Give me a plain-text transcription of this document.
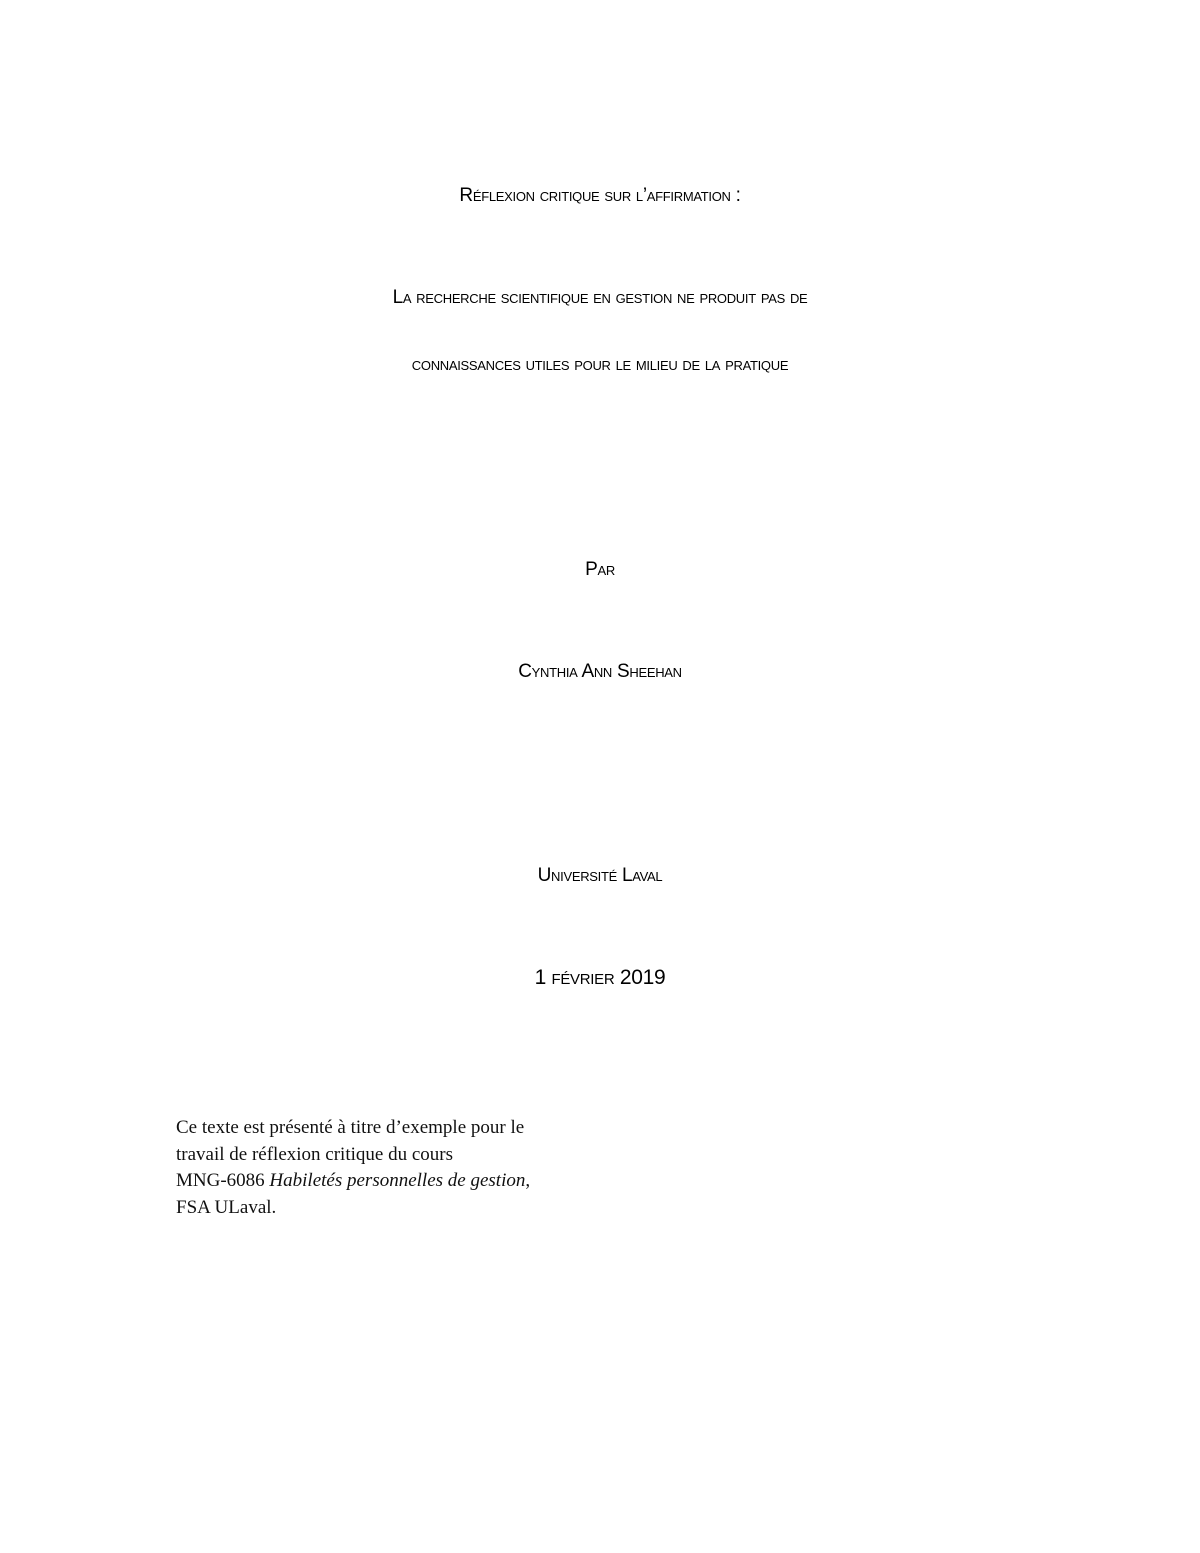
Réflexion critique sur l’affirmation :
La recherche scientifique en gestion ne produit pas de
connaissances utiles pour le milieu de la pratique
Par
Cynthia Ann Sheehan
Université Laval
1 février 2019
Ce texte est présenté à titre d’exemple pour le
travail de réflexion critique du cours
MNG-6086 Habiletés personnelles de gestion,
FSA ULaval.
